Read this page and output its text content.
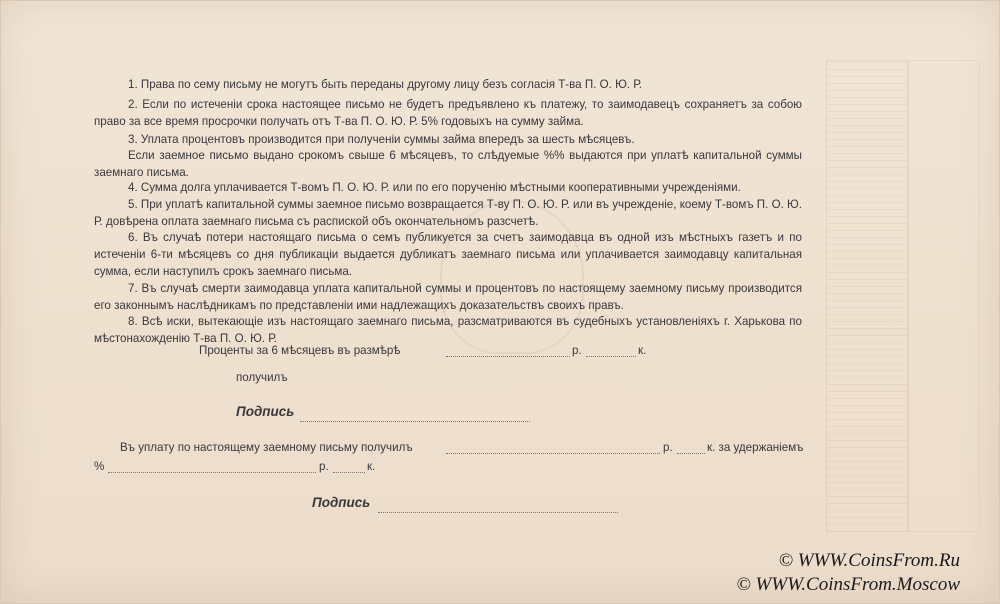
1. Права по сему письму не могутъ быть переданы другому лицу безъ согласія Т-ва П. О. Ю. Р.

2. Если по истеченіи срока настоящее письмо не будетъ предъявлено къ платежу, то заимодавецъ сохраняетъ за собою право за все время просрочки получать отъ Т-ва П. О. Ю. Р. 5% годовыхъ на сумму займа.

3. Уплата процентовъ производится при полученіи суммы займа впередъ за шесть мѣсяцевъ.

Если заемное письмо выдано срокомъ свыше 6 мѣсяцевъ, то слѣдуемые %% выдаются при уплатѣ капитальной суммы заемнаго письма.

4. Сумма долга уплачивается Т-вомъ П. О. Ю. Р. или по его порученію мѣстными кооперативными учрежденіями.

5. При уплатѣ капитальной суммы заемное письмо возвращается Т-ву П. О. Ю. Р. или въ учрежденіе, коему Т-вомъ П. О. Ю. Р. довѣрена оплата заемнаго письма съ распиской объ окончательномъ разсчетѣ.

6. Въ случаѣ потери настоящаго письма о семъ публикуется за счетъ заимодавца въ одной изъ мѣстныхъ газетъ и по истеченіи 6-ти мѣсяцевъ со дня публикаціи выдается дубликатъ заемнаго письма или уплачивается заимодавцу капитальная сумма, если наступилъ срокъ заемнаго письма.

7. Въ случаѣ смерти заимодавца уплата капитальной суммы и процентовъ по настоящему заемному письму производится его законнымъ наслѣдникамъ по представленіи ими надлежащихъ доказательствъ своихъ правъ.

8. Всѣ иски, вытекающіе изъ настоящаго заемнаго письма, разсматриваются въ судебныхъ установленіяхъ г. Харькова по мѣстонахожденію Т-ва П. О. Ю. Р.

Проценты за 6 мѣсяцевъ въ размѣрѣ	р.	к.
получилъ
Подпись
Въ уплату по настоящему заемному письму получилъ	р.	к. за удержаніемъ
%	р.	к.
Подпись
© WWW.CoinsFrom.Ru
© WWW.CoinsFrom.Moscow
